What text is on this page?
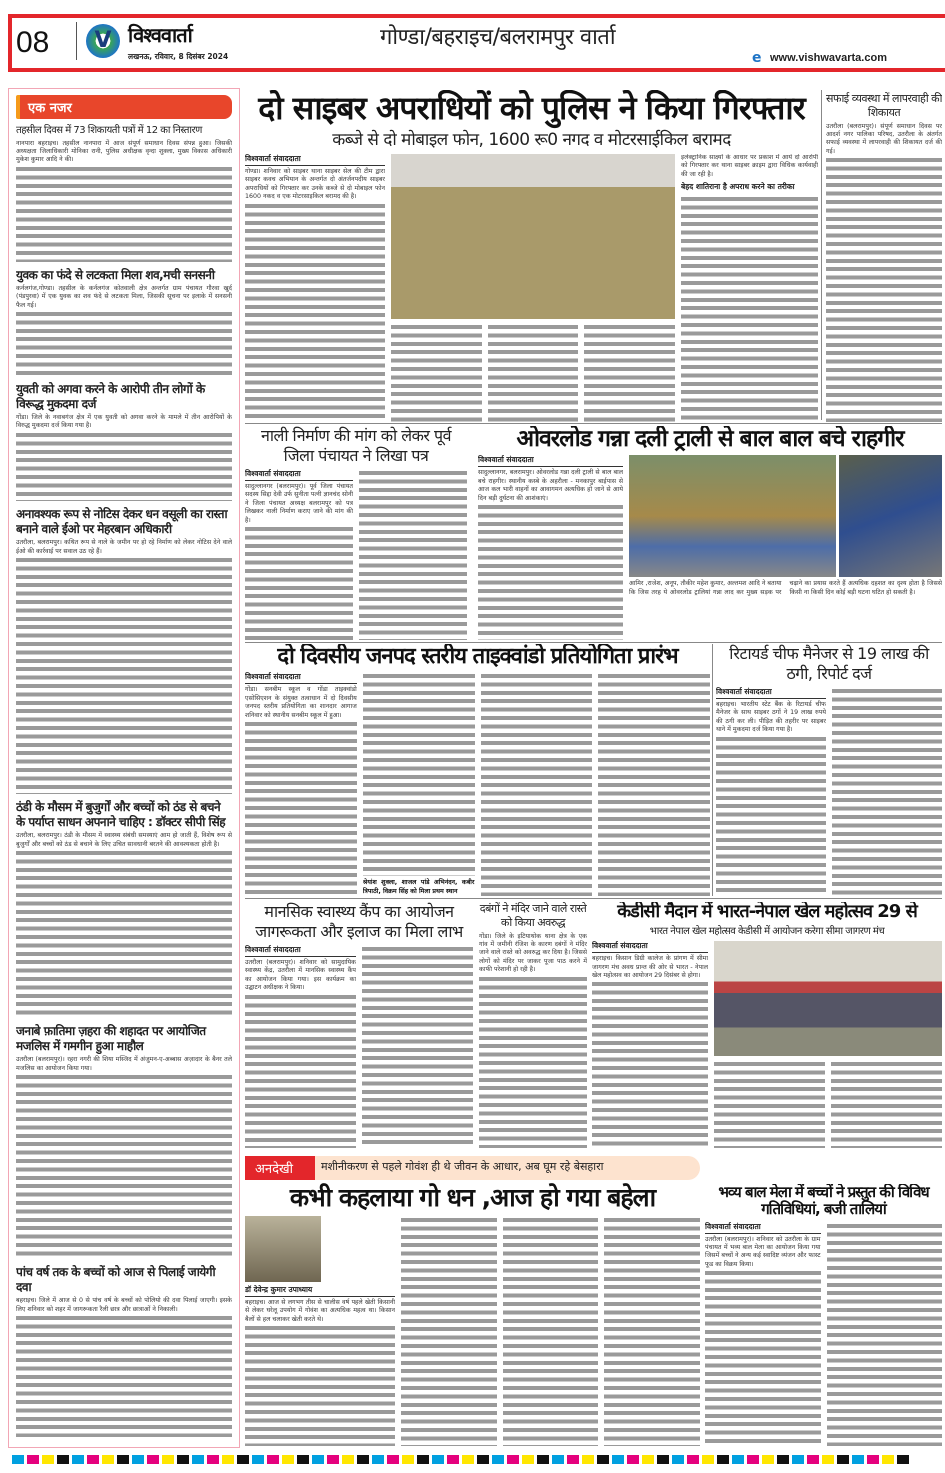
08	V विश्ववार्ता
लखनऊ, रविवार, 8 दिसंबर 2024
गोण्डा/बहराइच/बलरामपुर वार्ता
e www.vishwavarta.com
एक नजर
तहसील दिवस में 73 शिकायती पत्रों में 12 का निस्तारण
नानपारा बहराइच। तहसील नानपारा में आज संपूर्ण समाधान दिवस संपन्न हुआ। जिसकी अध्यक्षता जिलाधिकारी मोनिका रानी, पुलिस अधीक्षक वृन्दा शुक्ला, मुख्य विकास अधिकारी मुकेश कुमार आदि ने की।
युवक का फंदे से लटकता मिला शव,मची सनसनी
कर्नलगंज,गोण्डा। तहसील के कर्नलगंज कोतवाली क्षेत्र अन्तर्गत ग्राम पंचायत गौरवा खुर्द (पंडपुरवा) में एक युवक का शव फंदे से लटकता मिला, जिसकी सूचना पर इलाके में सनसनी फैल गई।
युवती को अगवा करने के आरोपी तीन लोगों के विरूद्ध मुकदमा दर्ज
गोंडा। जिले के नवाबगंज क्षेत्र में एक युवती को अगवा करने के मामले में तीन आरोपियों के विरुद्ध मुकदमा दर्ज किया गया है।
अनावश्यक रूप से नोटिस देकर धन वसूली का रास्ता बनाने वाले ईओ पर मेहरबान अधिकारी
उतरौला, बलरामपुर। कथित रूप से नाले के जमीन पर हो रहे निर्माण को लेकर नोटिस देने वाले ईओ की कार्रवाई पर सवाल उठ रहे हैं।
ठंडी के मौसम में बुजुर्गों और बच्चों को ठंड से बचने के पर्याप्त साधन अपनाने चाहिए : डॉक्टर सीपी सिंह
उतरौला, बलरामपुर। ठंडी के मौसम में स्वास्थ्य संबंधी समस्याएं आम हो जाती हैं, विशेष रूप से बुजुर्गों और बच्चों को ठंड से बचाने के लिए उचित सावधानी बरतने की आवश्यकता होती है।
जनाबे फ़ातिमा ज़हरा की शहादत पर आयोजित मजलिस में गमगीन हुआ माहौल
उतरौला (बलरामपुर)। रहरा नगरी की शिया मस्जिद में अंजुमन-ए-अब्बास अज़ादार के बैनर तले मजलिस का आयोजन किया गया।
पांच वर्ष तक के बच्चों को आज से पिलाई जायेगी दवा
बहराइच। जिले में आज से 0 से पांच वर्ष के बच्चों को पोलियो की दवा पिलाई जाएगी। इसके लिए शनिवार को शहर में जागरूकता रैली छात्र और छात्राओं ने निकाली।
दो साइबर अपराधियों को पुलिस ने किया गिरफ्तार
कब्जे से दो मोबाइल फोन, 1600 रू0 नगद व मोटरसाईकिल बरामद
विश्ववार्ता संवाददाता
गोण्डा। शनिवार को साइबर थाना साइबर सेल की टीम द्वारा साइबर कवच अभियान के अन्तर्गत दो अंतर्जनपदीय साइबर अपराधियों को गिरफ्तार कर उनके कब्जे से दो मोबाइल फोन 1600 नकद व एक मोटरसाइकिल बरामद की है।
इलेक्ट्रानिक साक्ष्यों के आधार पर प्रकाश में आये दो आरोपी को गिरफ्तार कर थाना साइबर क्राइम द्वारा विधिक कार्यवाही की जा रही है।
बेहद शातिराना है अपराध करने का तरीका
सफाई व्यवस्था में लापरवाही की शिकायत
उतरौला (बलरामपुर)। संपूर्ण समाधान दिवस पर आदर्श नगर पालिका परिषद, उतरौला के अंतर्गत सफाई व्यवस्था में लापरवाही की शिकायत दर्ज की गई।
नाली निर्माण की मांग को लेकर पूर्व जिला पंचायत ने लिखा पत्र
विश्ववार्ता संवाददाता
सादुल्लानगर (बलरामपुर)। पूर्व जिला पंचायत सदस्य सिद्दा देवी उर्फ सुनीता पत्नी ज्ञानचंद सोनी ने जिला पंचायत अध्यक्ष बलरामपुर को पत्र लिखकर नाली निर्माण कराए जाने की मांग की है।
ओवरलोड गन्ना दली ट्राली से बाल बाल बचे राहगीर
विश्ववार्ता संवाददाता
सादुल्लानगर, बलरामपुर। ओवरलोड गन्ना दली ट्राली से बाल बाल बचे राहगीर। स्थानीय कस्बे के अहरौला - मनकापुर बाईपास से आज कल भारी वाहनों का आवागमन अत्यधिक हो जाने से आये दिन बड़ी दुर्घटना की आशंकाएं।
आमिर ,राजेश, अनूप, तौकीर महेश कुमार, अल्तमश आदि ने बताया कि जिस तरह ये ओवरलोड ट्रालियां गन्ना लाद कर मुख्य सड़क पर चढ़ाने का प्रयास करते हैं अत्यधिक दहशत का दृश्य होता है जिससे किसी ना किसी दिन कोई बड़ी घटना घटित हो सकती है।
दो दिवसीय जनपद स्तरीय ताइक्वांडो प्रतियोगिता प्रारंभ
विश्ववार्ता संवाददाता
गोंडा। सनबीम स्कूल व गोंडा ताइक्वांडो एसोसिएशन के संयुक्त तत्वाधान में दो दिवसीय जनपद स्तरीय प्रतियोगिता का शानदार आगाज शनिवार को स्थानीय सनबीम स्कूल में हुआ।
श्रेयांश शुक्ला, शाजल पांडे अभिनंदन, कबीर त्रिपाठी, विक्रम सिंह को मिला प्रथम स्थान
रिटायर्ड चीफ मैनेजर से 19 लाख की ठगी, रिपोर्ट दर्ज
विश्ववार्ता संवाददाता
बहराइच। भारतीय स्टेट बैंक के रिटायर्ड चीफ मैनेजर के साथ साइबर ठगों ने 19 लाख रुपये की ठगी कर ली। पीड़ित की तहरीर पर साइबर थाने में मुकदमा दर्ज किया गया है।
मानसिक स्वास्थ्य कैंप का आयोजन जागरूकता और इलाज का मिला लाभ
विश्ववार्ता संवाददाता
उतरौला (बलरामपुर)। शनिवार को सामुदायिक स्वास्थ्य केंद्र, उतरौला में मानसिक स्वास्थ्य कैंप का आयोजन किया गया। इस कार्यक्रम का उद्घाटन अधीक्षक ने किया।
दबंगों ने मंदिर जाने वाले रास्ते को किया अवरुद्ध
गोंडा। जिले के इटियाथोक थाना क्षेत्र के एक गांव में जमीनी रंजिश के कारण दबंगों ने मंदिर जाने वाले रास्ते को अवरुद्ध कर दिया है। जिससे लोगों को मंदिर पर जाकर पूजा पाठ करने में काफी परेशानी हो रही है।
केडीसी मैदान में भारत-नेपाल खेल महोत्सव 29 से
भारत नेपाल खेल महोत्सव केडीसी में आयोजन करेगा सीमा जागरण मंच
विश्ववार्ता संवाददाता
बहराइच। किसान डिग्री कालेज के प्रांगण में सीमा जागरण मंच अवध प्रान्त की ओर से भारत - नेपाल खेल महोत्सव का आयोजन 29 दिसंबर से होगा।
अनदेखी	मशीनीकरण से पहले गोवंश ही थे जीवन के आधार, अब घूम रहे बेसहारा
कभी कहलाया गो धन ,आज हो गया बहेला
डॉ देवेन्द्र कुमार उपाध्याय
बहराइच। आज से लगभग तीस से चालीस वर्ष पहले खेती किसानी से लेकर घरेलू उपयोग में गोवंश का अत्यधिक महत्व था। किसान बैलों से हल चलाकर खेती करते थे।
भव्य बाल मेला में बच्चों ने प्रस्तुत की विविध गतिविधियां, बजी तालियां
विश्ववार्ता संवाददाता
उतरौला (बलरामपुर)। शनिवार को उतरौला के ग्राम पंचायत में भव्य बाल मेला का आयोजन किया गया जिसमें बच्चों ने अन्य कई स्वादिष्ट व्यंजन और फास्ट फूड का विक्रय किया।
